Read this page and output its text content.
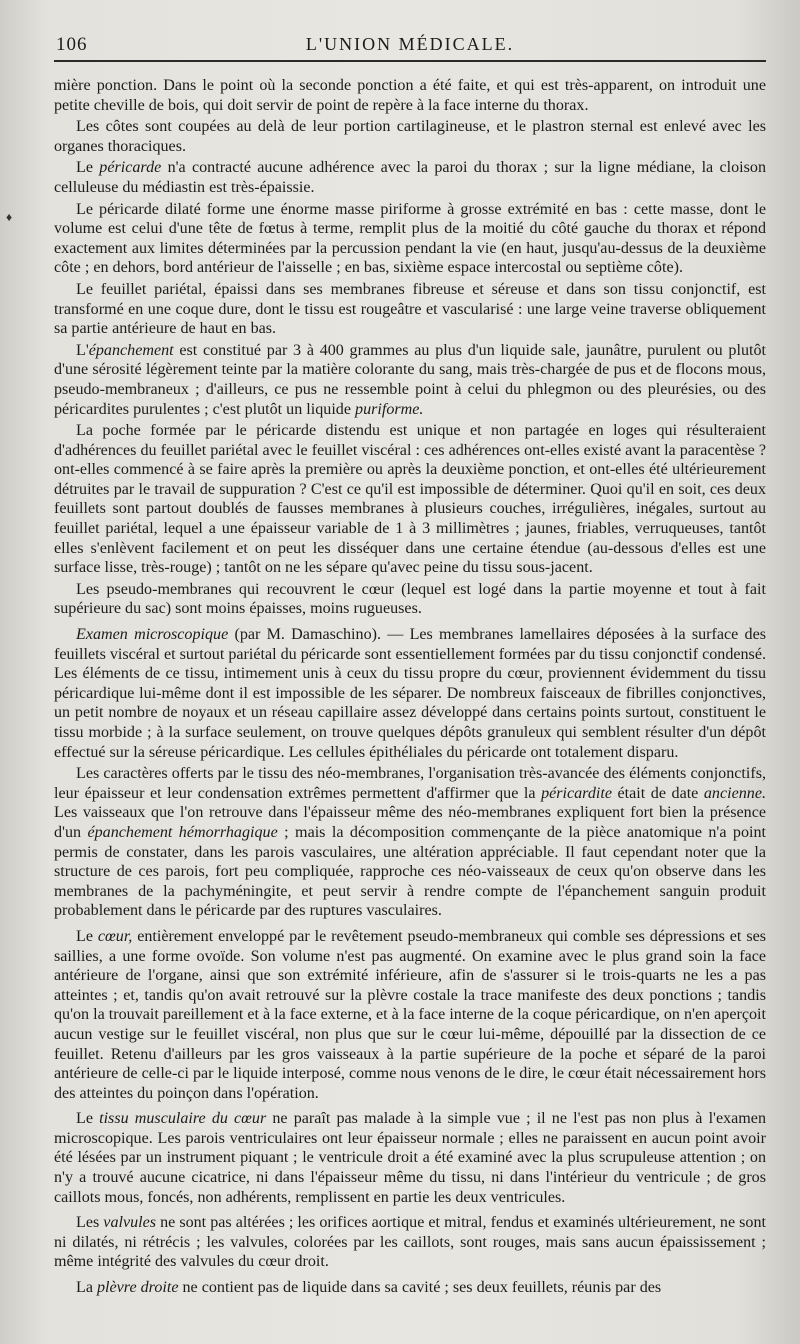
106	L'UNION MÉDICALE.
♦

mière ponction. Dans le point où la seconde ponction a été faite, et qui est très-apparent, on introduit une petite cheville de bois, qui doit servir de point de repère à la face interne du thorax.

Les côtes sont coupées au delà de leur portion cartilagineuse, et le plastron sternal est enlevé avec les organes thoraciques.

Le péricarde n'a contracté aucune adhérence avec la paroi du thorax ; sur la ligne médiane, la cloison celluleuse du médiastin est très-épaissie.

Le péricarde dilaté forme une énorme masse piriforme à grosse extrémité en bas : cette masse, dont le volume est celui d'une tête de fœtus à terme, remplit plus de la moitié du côté gauche du thorax et répond exactement aux limites déterminées par la percussion pendant la vie (en haut, jusqu'au-dessus de la deuxième côte ; en dehors, bord antérieur de l'aisselle ; en bas, sixième espace intercostal ou septième côte).

Le feuillet pariétal, épaissi dans ses membranes fibreuse et séreuse et dans son tissu conjonctif, est transformé en une coque dure, dont le tissu est rougeâtre et vascularisé : une large veine traverse obliquement sa partie antérieure de haut en bas.

L'épanchement est constitué par 3 à 400 grammes au plus d'un liquide sale, jaunâtre, purulent ou plutôt d'une sérosité légèrement teinte par la matière colorante du sang, mais très-chargée de pus et de flocons mous, pseudo-membraneux ; d'ailleurs, ce pus ne ressemble point à celui du phlegmon ou des pleurésies, ou des péricardites purulentes ; c'est plutôt un liquide puriforme.

La poche formée par le péricarde distendu est unique et non partagée en loges qui résulteraient d'adhérences du feuillet pariétal avec le feuillet viscéral : ces adhérences ont-elles existé avant la paracentèse ? ont-elles commencé à se faire après la première ou après la deuxième ponction, et ont-elles été ultérieurement détruites par le travail de suppuration ? C'est ce qu'il est impossible de déterminer. Quoi qu'il en soit, ces deux feuillets sont partout doublés de fausses membranes à plusieurs couches, irrégulières, inégales, surtout au feuillet pariétal, lequel a une épaisseur variable de 1 à 3 millimètres ; jaunes, friables, verruqueuses, tantôt elles s'enlèvent facilement et on peut les disséquer dans une certaine étendue (au-dessous d'elles est une surface lisse, très-rouge) ; tantôt on ne les sépare qu'avec peine du tissu sous-jacent.

Les pseudo-membranes qui recouvrent le cœur (lequel est logé dans la partie moyenne et tout à fait supérieure du sac) sont moins épaisses, moins rugueuses.

Examen microscopique (par M. Damaschino). — Les membranes lamellaires déposées à la surface des feuillets viscéral et surtout pariétal du péricarde sont essentiellement formées par du tissu conjonctif condensé. Les éléments de ce tissu, intimement unis à ceux du tissu propre du cœur, proviennent évidemment du tissu péricardique lui-même dont il est impossible de les séparer. De nombreux faisceaux de fibrilles conjonctives, un petit nombre de noyaux et un réseau capillaire assez développé dans certains points surtout, constituent le tissu morbide ; à la surface seulement, on trouve quelques dépôts granuleux qui semblent résulter d'un dépôt effectué sur la séreuse péricardique. Les cellules épithéliales du péricarde ont totalement disparu.

Les caractères offerts par le tissu des néo-membranes, l'organisation très-avancée des éléments conjonctifs, leur épaisseur et leur condensation extrêmes permettent d'affirmer que la péricardite était de date ancienne. Les vaisseaux que l'on retrouve dans l'épaisseur même des néo-membranes expliquent fort bien la présence d'un épanchement hémorrhagique ; mais la décomposition commençante de la pièce anatomique n'a point permis de constater, dans les parois vasculaires, une altération appréciable. Il faut cependant noter que la structure de ces parois, fort peu compliquée, rapproche ces néo-vaisseaux de ceux qu'on observe dans les membranes de la pachyméningite, et peut servir à rendre compte de l'épanchement sanguin produit probablement dans le péricarde par des ruptures vasculaires.

Le cœur, entièrement enveloppé par le revêtement pseudo-membraneux qui comble ses dépressions et ses saillies, a une forme ovoïde. Son volume n'est pas augmenté. On examine avec le plus grand soin la face antérieure de l'organe, ainsi que son extrémité inférieure, afin de s'assurer si le trois-quarts ne les a pas atteintes ; et, tandis qu'on avait retrouvé sur la plèvre costale la trace manifeste des deux ponctions ; tandis qu'on la trouvait pareillement et à la face externe, et à la face interne de la coque péricardique, on n'en aperçoit aucun vestige sur le feuillet viscéral, non plus que sur le cœur lui-même, dépouillé par la dissection de ce feuillet. Retenu d'ailleurs par les gros vaisseaux à la partie supérieure de la poche et séparé de la paroi antérieure de celle-ci par le liquide interposé, comme nous venons de le dire, le cœur était nécessairement hors des atteintes du poinçon dans l'opération.

Le tissu musculaire du cœur ne paraît pas malade à la simple vue ; il ne l'est pas non plus à l'examen microscopique. Les parois ventriculaires ont leur épaisseur normale ; elles ne paraissent en aucun point avoir été lésées par un instrument piquant ; le ventricule droit a été examiné avec la plus scrupuleuse attention ; on n'y a trouvé aucune cicatrice, ni dans l'épaisseur même du tissu, ni dans l'intérieur du ventricule ; de gros caillots mous, foncés, non adhérents, remplissent en partie les deux ventricules.

Les valvules ne sont pas altérées ; les orifices aortique et mitral, fendus et examinés ultérieurement, ne sont ni dilatés, ni rétrécis ; les valvules, colorées par les caillots, sont rouges, mais sans aucun épaississement ; même intégrité des valvules du cœur droit.

La plèvre droite ne contient pas de liquide dans sa cavité ; ses deux feuillets, réunis par des
